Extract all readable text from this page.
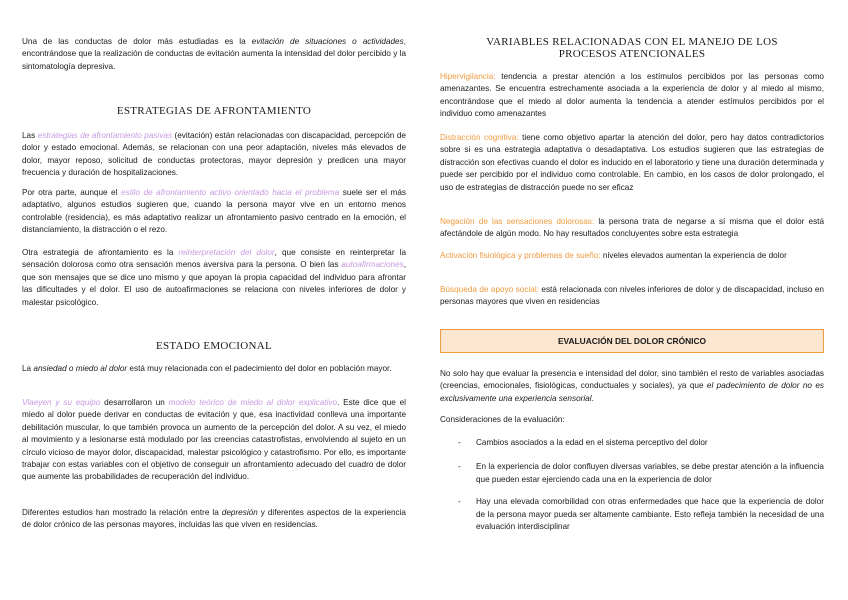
Una de las conductas de dolor más estudiadas es la evitación de situaciones o actividades, encontrándose que la realización de conductas de evitación aumenta la intensidad del dolor percibido y la sintomatología depresiva.

ESTRATEGIAS DE AFRONTAMIENTO

Las estrategias de afrontamiento pasivas (evitación) están relacionadas con discapacidad, percepción de dolor y estado emocional. Además, se relacionan con una peor adaptación, niveles más elevados de dolor, mayor reposo, solicitud de conductas protectoras, mayor depresión y predicen una mayor frecuencia y duración de hospitalizaciones.

Por otra parte, aunque el estilo de afrontamiento activo orientado hacia el problema suele ser el más adaptativo, algunos estudios sugieren que, cuando la persona mayor vive en un entorno menos controlable (residencia), es más adaptativo realizar un afrontamiento pasivo centrado en la emoción, el distanciamiento, la distracción o el rezo.

Otra estrategia de afrontamiento es la reinterpretación del dolor, que consiste en reinterpretar la sensación dolorosa como otra sensación menos aversiva para la persona. O bien las autoafirmaciones, que son mensajes que se dice uno mismo y que apoyan la propia capacidad del individuo para afrontar las dificultades y el dolor. El uso de autoafirmaciones se relaciona con niveles inferiores de dolor y malestar psicológico.

ESTADO EMOCIONAL

La ansiedad o miedo al dolor está muy relacionada con el padecimiento del dolor en población mayor.

Vlaeyen y su equipo desarrollaron un modelo teórico de miedo al dolor explicativo. Este dice que el miedo al dolor puede derivar en conductas de evitación y que, esa inactividad conlleva una importante debilitación muscular, lo que también provoca un aumento de la percepción del dolor. A su vez, el miedo al movimiento y a lesionarse está modulado por las creencias catastrofistas, envolviendo al sujeto en un círculo vicioso de mayor dolor, discapacidad, malestar psicológico y catastrofismo. Por ello, es importante trabajar con estas variables con el objetivo de conseguir un afrontamiento adecuado del cuadro de dolor que aumente las probabilidades de recuperación del individuo.

Diferentes estudios han mostrado la relación entre la depresión y diferentes aspectos de la experiencia de dolor crónico de las personas mayores, incluidas las que viven en residencias.

VARIABLES RELACIONADAS CON EL MANEJO DE LOS
PROCESOS ATENCIONALES

Hipervigilancia: tendencia a prestar atención a los estímulos percibidos por las personas como amenazantes. Se encuentra estrechamente asociada a la experiencia de dolor y al miedo al mismo, encontrándose que el miedo al dolor aumenta la tendencia a atender estímulos percibidos por el individuo como amenazantes

Distracción cognitiva: tiene como objetivo apartar la atención del dolor, pero hay datos contradictorios sobre si es una estrategia adaptativa o desadaptativa. Los estudios sugieren que las estrategias de distracción son efectivas cuando el dolor es inducido en el laboratorio y tiene una duración determinada y puede ser percibido por el individuo como controlable. En cambio, en los casos de dolor prolongado, el uso de estrategias de distracción puede no ser eficaz

Negación de las sensaciones dolorosas: la persona trata de negarse a sí misma que el dolor está afectándole de algún modo. No hay resultados concluyentes sobre esta estrategia

Activación fisiológica y problemas de sueño: niveles elevados aumentan la experiencia de dolor

Búsqueda de apoyo social: está relacionada con niveles inferiores de dolor y de discapacidad, incluso en personas mayores que viven en residencias

No solo hay que evaluar la presencia e intensidad del dolor, sino también el resto de variables asociadas (creencias, emocionales, fisiológicas, conductuales y sociales), ya que el padecimiento de dolor no es exclusivamente una experiencia sensorial.

Consideraciones de la evaluación:

- Cambios asociados a la edad en el sistema perceptivo del dolor
- En la experiencia de dolor confluyen diversas variables, se debe prestar atención a la influencia que pueden estar ejerciendo cada una en la experiencia de dolor
- Hay una elevada comorbilidad con otras enfermedades que hace que la experiencia de dolor de la persona mayor pueda ser altamente cambiante. Esto refleja también la necesidad de una evaluación interdisciplinar
EVALUACIÓN DEL DOLOR CRÓNICO
